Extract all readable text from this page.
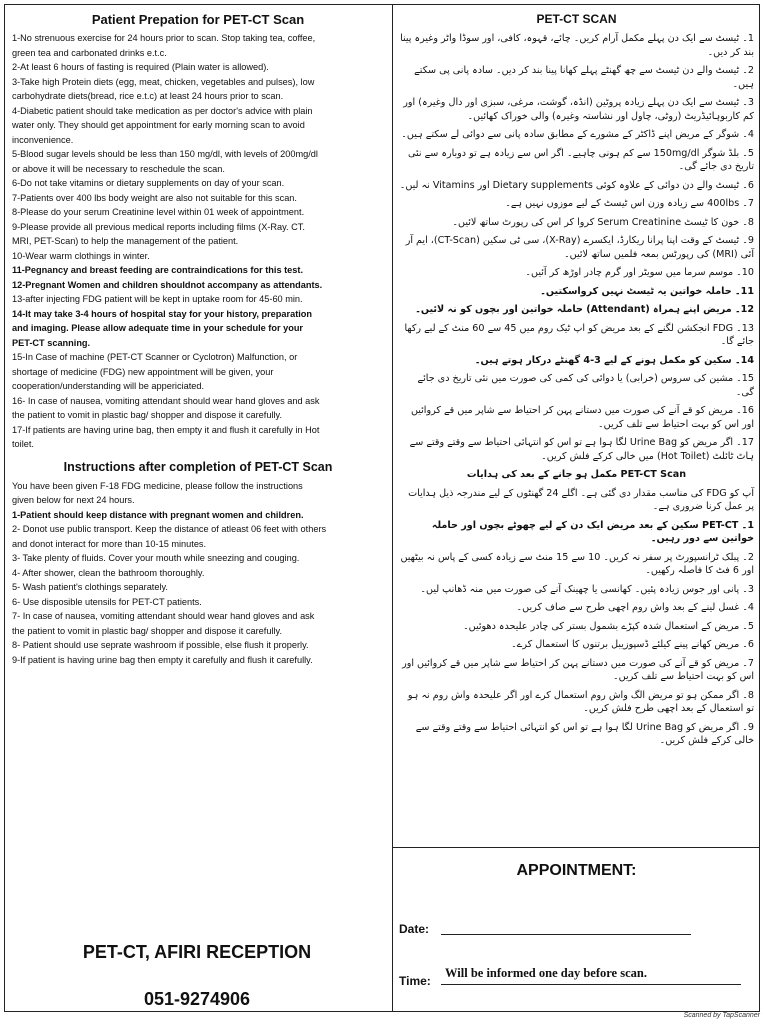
Patient Prepation for PET-CT Scan
1-No strenuous exercise for 24 hours prior to scan. Stop taking tea, coffee,
green tea and carbonated drinks e.t.c.
2-At least 6 hours of fasting is required (Plain water is allowed).
3-Take high Protein diets (egg, meat, chicken, vegetables and pulses), low
carbohydrate diets(bread, rice e.t.c) at least 24 hours prior to scan.
4-Diabetic patient should take medication as per doctor's advice with plain
water only. They should get appointment for early morning scan to avoid
inconvenience.
5-Blood sugar levels should be less than 150 mg/dl, with levels of 200mg/dl
or above it will be necessary to reschedule the scan.
6-Do not take vitamins or dietary supplements on day of your scan.
7-Patients over 400 lbs body weight are also not suitable for this scan.
8-Please do your serum Creatinine level within 01 week of appointment.
9-Please provide all previous medical reports including films (X-Ray. CT.
MRI, PET-Scan) to help the management of the patient.
10-Wear warm clothings in winter.
11-Pegnancy and breast feeding are contraindications for this test.
12-Pregnant Women and children shouldnot accompany as attendants.
13-after injecting FDG patient will be kept in uptake room for 45-60 min.
14-It may take 3-4 hours of hospital stay for your history, preparation
and imaging. Please allow adequate time in your schedule for your
PET-CT scanning.
15-In Case of machine (PET-CT Scanner or Cyclotron) Malfunction, or
shortage of medicine (FDG) new appointment will be given, your
cooperation/understanding will be appericiated.
16- In case of nausea, vomiting attendant should wear hand gloves and ask
the patient to vomit in plastic bag/ shopper and dispose it carefully.
17-If patients are having urine bag, then empty it and flush it carefully in Hot
toilet.
Instructions after completion of PET-CT Scan
You have been given F-18 FDG medicine, please follow the instructions
given below for next 24 hours.
1-Patient should keep distance with pregnant women and children.
2- Donot use public transport. Keep the distance of atleast 06 feet with others
and donot interact for more than 10-15 minutes.
3- Take plenty of fluids. Cover your mouth while sneezing and couging.
4- After shower, clean the bathroom thoroughly.
5- Wash patient's clothings separately.
6- Use disposible utensils for PET-CT patients.
7- In case of nausea, vomiting attendant should wear hand gloves and ask
the patient to vomit in plastic bag/ shopper and dispose it carefully.
8- Patient should use seprate washroom if possible, else flush it properly.
9-If patient is having urine bag then empty it carefully and flush it carefully.
PET-CT, AFIRI RECEPTION
051-9274906
PET-CT SCAN
1۔ ٹیسٹ سے ایک دن پہلے مکمل آرام کریں۔ چائے، قہوہ، کافی، اور سوڈا واٹر وغیرہ پینا بند کر دیں۔
2۔ ٹیسٹ والے دن ٹیسٹ سے چھ گھنٹے پہلے کھانا پینا بند کر دیں۔ سادہ پانی پی سکتے ہیں۔
3۔ ٹیسٹ سے ایک دن پہلے زیادہ پروٹین (انڈہ، گوشت، مرغی، سبزی اور دال وغیرہ) اور کم کاربوہائیڈریٹ (روٹی، چاول اور نشاستہ وغیرہ) والی خوراک کھائیں۔
4۔ شوگر کے مریض اپنے ڈاکٹر کے مشورے کے مطابق سادہ پانی سے دوائی لے سکتے ہیں۔
5۔ بلڈ شوگر 150mg/dl سے کم ہونی چاہیے۔ اگر اس سے زیادہ ہے تو دوبارہ سے نئی تاریخ دی جائے گی۔
6۔ ٹیسٹ والے دن دوائی کے علاوہ کوئی Dietary supplements اور Vitamins نہ لیں۔
7۔ 400lbs سے زیادہ وزن اس ٹیسٹ کے لیے موزوں نہیں ہے۔
8۔ خون کا ٹیسٹ Serum Creatinine کروا کر اس کی رپورٹ ساتھ لائیں۔
9۔ ٹیسٹ کے وقت اپنا پرانا ریکارڈ، ایکسرے (X-Ray)، سی ٹی سکین (CT-Scan)، ایم آر آئی (MRI) کی رپورٹس بمعہ فلمیں ساتھ لائیں۔
10۔ موسم سرما میں سویٹر اور گرم چادر اوڑھ کر آئیں۔
11۔ حاملہ خواتین یہ ٹیسٹ نہیں کرواسکتیں۔
12۔ مریض اپنے ہمراہ (Attendant) حاملہ خواتین اور بچوں کو نہ لائیں۔
13۔ FDG انجکشن لگنے کے بعد مریض کو اپ ٹیک روم میں 45 سے 60 منٹ کے لیے رکھا جائے گا۔
14۔ سکین کو مکمل ہونے کے لیے 3-4 گھنٹے درکار ہوتے ہیں۔
15۔ مشین کی سروس (خرابی) یا دوائی کی کمی کی صورت میں نئی تاریخ دی جائے گی۔
16۔ مریض کو قے آنے کی صورت میں دستانے پہن کر احتیاط سے شاپر میں قے کروائیں اور اس کو بہت احتیاط سے تلف کریں۔
17۔ اگر مریض کو Urine Bag لگا ہوا ہے تو اس کو انتہائی احتیاط سے وقتے وقتے سے ہاٹ ٹائلٹ (Hot Toilet) میں خالی کرکے فلش کریں۔
PET-CT Scan مکمل ہو جانے کے بعد کی ہدایات
آپ کو FDG کی مناسب مقدار دی گئی ہے۔ اگلے 24 گھنٹوں کے لیے مندرجہ ذیل ہدایات پر عمل کرنا ضروری ہے۔
1۔ PET-CT سکین کے بعد مریض ایک دن کے لیے چھوٹے بچوں اور حاملہ خواتین سے دور رہیں۔
2۔ پبلک ٹرانسپورٹ پر سفر نہ کریں۔ 10 سے 15 منٹ سے زیادہ کسی کے پاس نہ بیٹھیں اور 6 فٹ کا فاصلہ رکھیں۔
3۔ پانی اور جوس زیادہ پئیں۔ کھانسی یا چھینک آنے کی صورت میں منہ ڈھانپ لیں۔
4۔ غسل لینے کے بعد واش روم اچھی طرح سے صاف کریں۔
5۔ مریض کے استعمال شدہ کپڑے بشمول بستر کی چادر علیحدہ دھوئیں۔
6۔ مریض کھانے پینے کیلئے ڈسپوزیبل برتنوں کا استعمال کرے۔
7۔ مریض کو قے آنے کی صورت میں دستانے پہن کر احتیاط سے شاپر میں قے کروائیں اور اس کو بہت احتیاط سے تلف کریں۔
8۔ اگر ممکن ہو تو مریض الگ واش روم استعمال کرے اور اگر علیحدہ واش روم نہ ہو تو استعمال کے بعد اچھی طرح فلش کریں۔
9۔ اگر مریض کو Urine Bag لگا ہوا ہے تو اس کو انتہائی احتیاط سے وقتے وقتے سے خالی کرکے فلش کریں۔
APPOINTMENT:
Date:
Time:
Will be informed one day before scan.
Scanned by TapScanner
